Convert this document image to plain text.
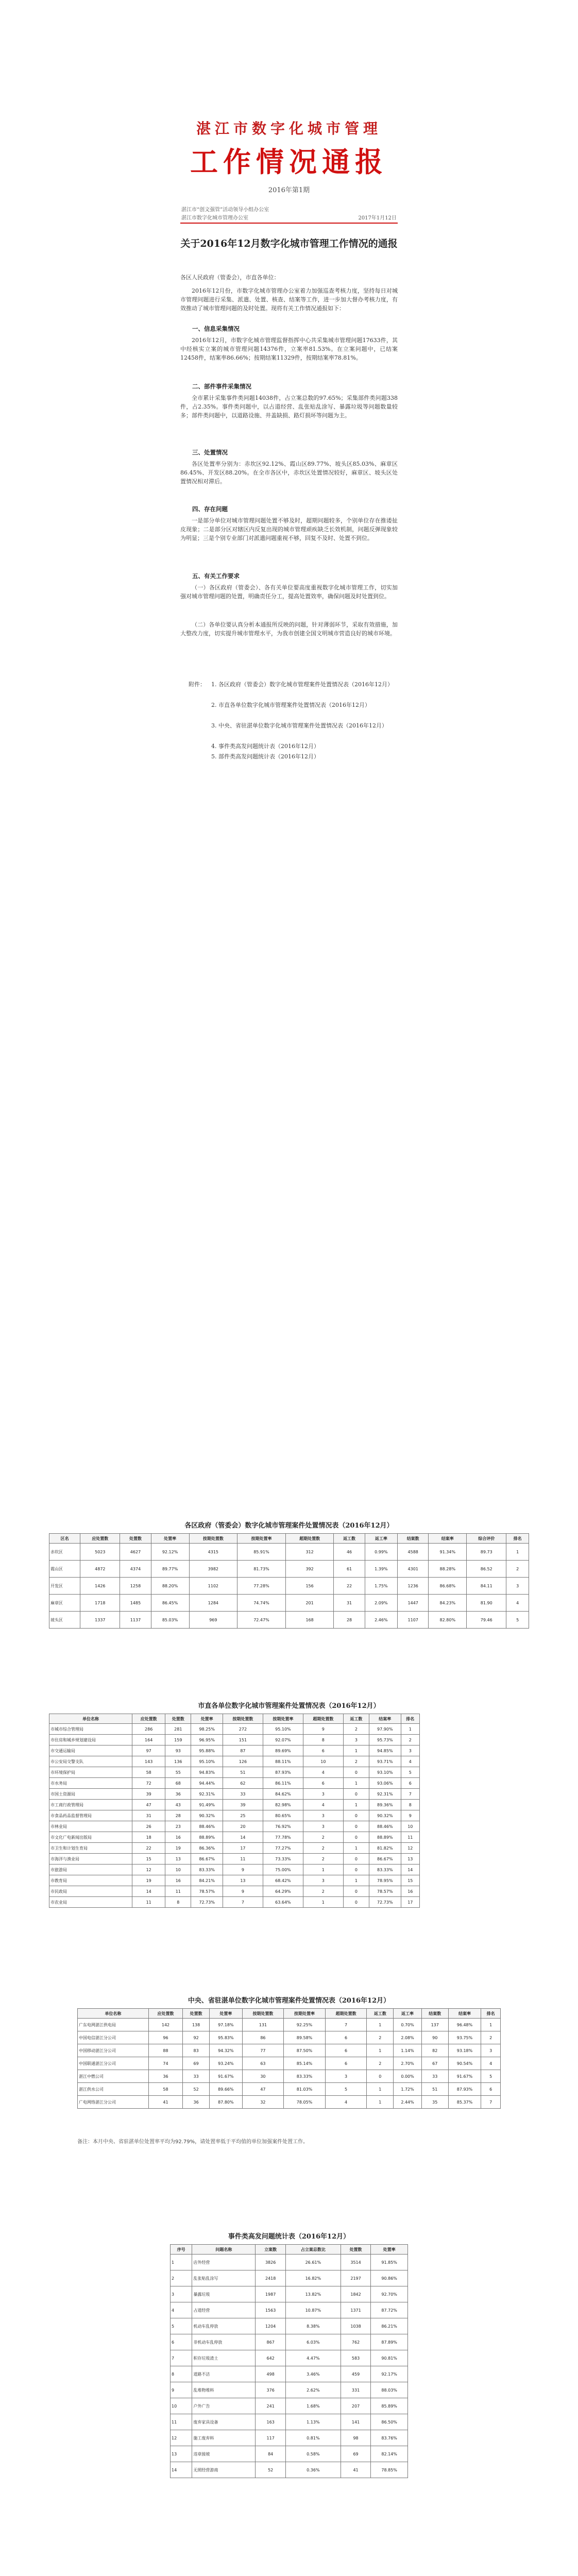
湛江市数字化城市管理
工作情况通报
2016年第1期
湛江市“创文强管”活动领导小组办公室
湛江市数字化城市管理办公室	2017年1月12日
关于2016年12月数字化城市管理工作情况的通报
各区人民政府（管委会），市直各单位：
2016年12月份，市数字化城市管理办公室着力加强巡查考核力度，坚持每日对城市管理问题进行采集、派遣、处置、核查、结案等工作，进一步加大督办考核力度，有效推动了城市管理问题的及时处置。现将有关工作情况通报如下：
一、信息采集情况
2016年12月，市数字化城市管理监督指挥中心共采集城市管理问题17633件，其中经核实立案的城市管理问题14376件，立案率81.53%。在立案问题中，已结案12458件，结案率86.66%；按期结案11329件，按期结案率78.81%。
二、部件事件采集情况
全市累计采集事件类问题14038件，占立案总数的97.65%；采集部件类问题338件，占2.35%。事件类问题中，以占道经营、乱张贴乱涂写、暴露垃圾等问题数量较多；部件类问题中，以道路设施、井盖缺损、路灯损坏等问题为主。
三、处置情况
各区处置率分别为：赤坎区92.12%、霞山区89.77%、坡头区85.03%、麻章区86.45%、开发区88.20%。在全市各区中，赤坎区处置情况较好，麻章区、坡头区处置情况相对滞后。
四、存在问题
一是部分单位对城市管理问题处置不够及时，超期问题较多，个别单位存在推诿扯皮现象；二是部分区对辖区内反复出现的城市管理顽疾缺乏长效机制，问题反弹现象较为明显；三是个别专业部门对派遣问题重视不够，回复不及时、处置不到位。
五、有关工作要求
（一）各区政府（管委会）、各有关单位要高度重视数字化城市管理工作，切实加强对城市管理问题的处置，明确责任分工，提高处置效率，确保问题及时处置到位。
（二）各单位要认真分析本通报所反映的问题，针对薄弱环节，采取有效措施，加大整改力度，切实提升城市管理水平，为我市创建全国文明城市营造良好的城市环境。
附件： 1. 各区政府（管委会）数字化城市管理案件处置情况表（2016年12月）
2. 市直各单位数字化城市管理案件处置情况表（2016年12月）
3. 中央、省驻湛单位数字化城市管理案件处置情况表（2016年12月）
4. 事件类高发问题统计表（2016年12月）
5. 部件类高发问题统计表（2016年12月）
各区政府（管委会）数字化城市管理案件处置情况表（2016年12月）
区名	应处置数	处置数	处置率	按期处置数	按期处置率	超期处置数	返工数	返工率	结案数	结案率	综合评价	排名
赤坎区	5023	4627	92.12%	4315	85.91%	312	46	0.99%	4588	91.34%	89.73	1
霞山区	4872	4374	89.77%	3982	81.73%	392	61	1.39%	4301	88.28%	86.52	2
开发区	1426	1258	88.20%	1102	77.28%	156	22	1.75%	1236	86.68%	84.11	3
麻章区	1718	1485	86.45%	1284	74.74%	201	31	2.09%	1447	84.23%	81.90	4
坡头区	1337	1137	85.03%	969	72.47%	168	28	2.46%	1107	82.80%	79.46	5
市直各单位数字化城市管理案件处置情况表（2016年12月）
单位名称	应处置数	处置数	处置率	按期处置数	按期处置率	超期处置数	返工数	结案率	排名
市城市综合管理局	286	281	98.25%	272	95.10%	9	2	97.90%	1
市住房和城乡规划建设局	164	159	96.95%	151	92.07%	8	3	95.73%	2
市交通运输局	97	93	95.88%	87	89.69%	6	1	94.85%	3
市公安局交警支队	143	136	95.10%	126	88.11%	10	2	93.71%	4
市环境保护局	58	55	94.83%	51	87.93%	4	0	93.10%	5
市水务局	72	68	94.44%	62	86.11%	6	1	93.06%	6
市国土资源局	39	36	92.31%	33	84.62%	3	0	92.31%	7
市工商行政管理局	47	43	91.49%	39	82.98%	4	1	89.36%	8
市食品药品监督管理局	31	28	90.32%	25	80.65%	3	0	90.32%	9
市林业局	26	23	88.46%	20	76.92%	3	0	88.46%	10
市文化广电新闻出版局	18	16	88.89%	14	77.78%	2	0	88.89%	11
市卫生和计划生育局	22	19	86.36%	17	77.27%	2	1	81.82%	12
市海洋与渔业局	15	13	86.67%	11	73.33%	2	0	86.67%	13
市旅游局	12	10	83.33%	9	75.00%	1	0	83.33%	14
市教育局	19	16	84.21%	13	68.42%	3	1	78.95%	15
市民政局	14	11	78.57%	9	64.29%	2	0	78.57%	16
市农业局	11	8	72.73%	7	63.64%	1	0	72.73%	17
中央、省驻湛单位数字化城市管理案件处置情况表（2016年12月）
单位名称	应处置数	处置数	处置率	按期处置数	按期处置率	超期处置数	返工数	返工率	结案数	结案率	排名
广东电网湛江供电局	142	138	97.18%	131	92.25%	7	1	0.70%	137	96.48%	1
中国电信湛江分公司	96	92	95.83%	86	89.58%	6	2	2.08%	90	93.75%	2
中国移动湛江分公司	88	83	94.32%	77	87.50%	6	1	1.14%	82	93.18%	3
中国联通湛江分公司	74	69	93.24%	63	85.14%	6	2	2.70%	67	90.54%	4
湛江中燃公司	36	33	91.67%	30	83.33%	3	0	0.00%	33	91.67%	5
湛江供水公司	58	52	89.66%	47	81.03%	5	1	1.72%	51	87.93%	6
广电网络湛江分公司	41	36	87.80%	32	78.05%	4	1	2.44%	35	85.37%	7
备注：本月中央、省驻湛单位处置率平均为92.79%，请处置率低于平均值的单位加强案件处置工作。
事件类高发问题统计表（2016年12月）
序号	问题名称	立案数	占立案总数比	处置数	处置率
1	店外经营	3826	26.61%	3514	91.85%
2	乱张贴乱涂写	2418	16.82%	2197	90.86%
3	暴露垃圾	1987	13.82%	1842	92.70%
4	占道经营	1563	10.87%	1371	87.72%
5	机动车乱停放	1204	8.38%	1038	86.21%
6	非机动车乱停放	867	6.03%	762	87.89%
7	积存垃圾渣土	642	4.47%	583	90.81%
8	道路不洁	498	3.46%	459	92.17%
9	乱堆物堆料	376	2.62%	331	88.03%
10	户外广告	241	1.68%	207	85.89%
11	废弃家具设备	163	1.13%	141	86.50%
12	施工废弃料	117	0.81%	98	83.76%
13	违章接坡	84	0.58%	69	82.14%
14	无照经营游商	52	0.36%	41	78.85%
